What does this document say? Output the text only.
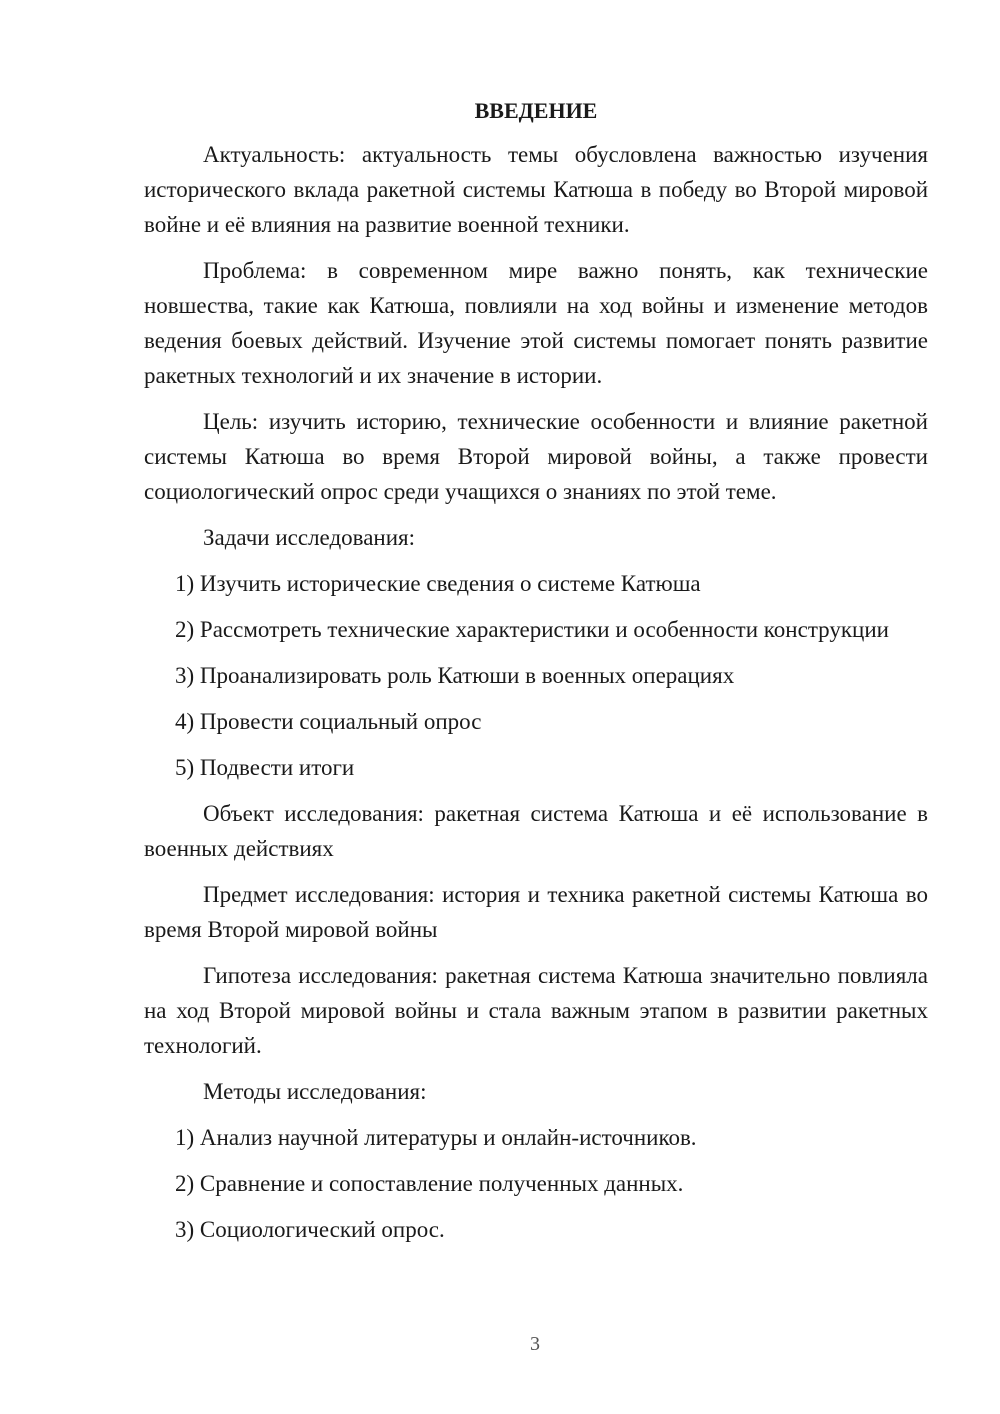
ВВЕДЕНИЕ

Актуальность: актуальность темы обусловлена важностью изучения исторического вклада ракетной системы Катюша в победу во Второй мировой войне и её влияния на развитие военной техники.

Проблема: в современном мире важно понять, как технические новшества, такие как Катюша, повлияли на ход войны и изменение методов ведения боевых действий. Изучение этой системы помогает понять развитие ракетных технологий и их значение в истории.

Цель: изучить историю, технические особенности и влияние ракетной системы Катюша во время Второй мировой войны, а также провести социологический опрос среди учащихся о знаниях по этой теме.

Задачи исследования:

1) Изучить исторические сведения о системе Катюша

2) Рассмотреть технические характеристики и особенности конструкции

3) Проанализировать роль Катюши в военных операциях

4) Провести социальный опрос

5) Подвести итоги

Объект исследования: ракетная система Катюша и её использование в военных действиях

Предмет исследования: история и техника ракетной системы Катюша во время Второй мировой войны

Гипотеза исследования: ракетная система Катюша значительно повлияла на ход Второй мировой войны и стала важным этапом в развитии ракетных технологий.

Методы исследования:

1) Анализ научной литературы и онлайн-источников.

2) Сравнение и сопоставление полученных данных.

3) Социологический опрос.

3
